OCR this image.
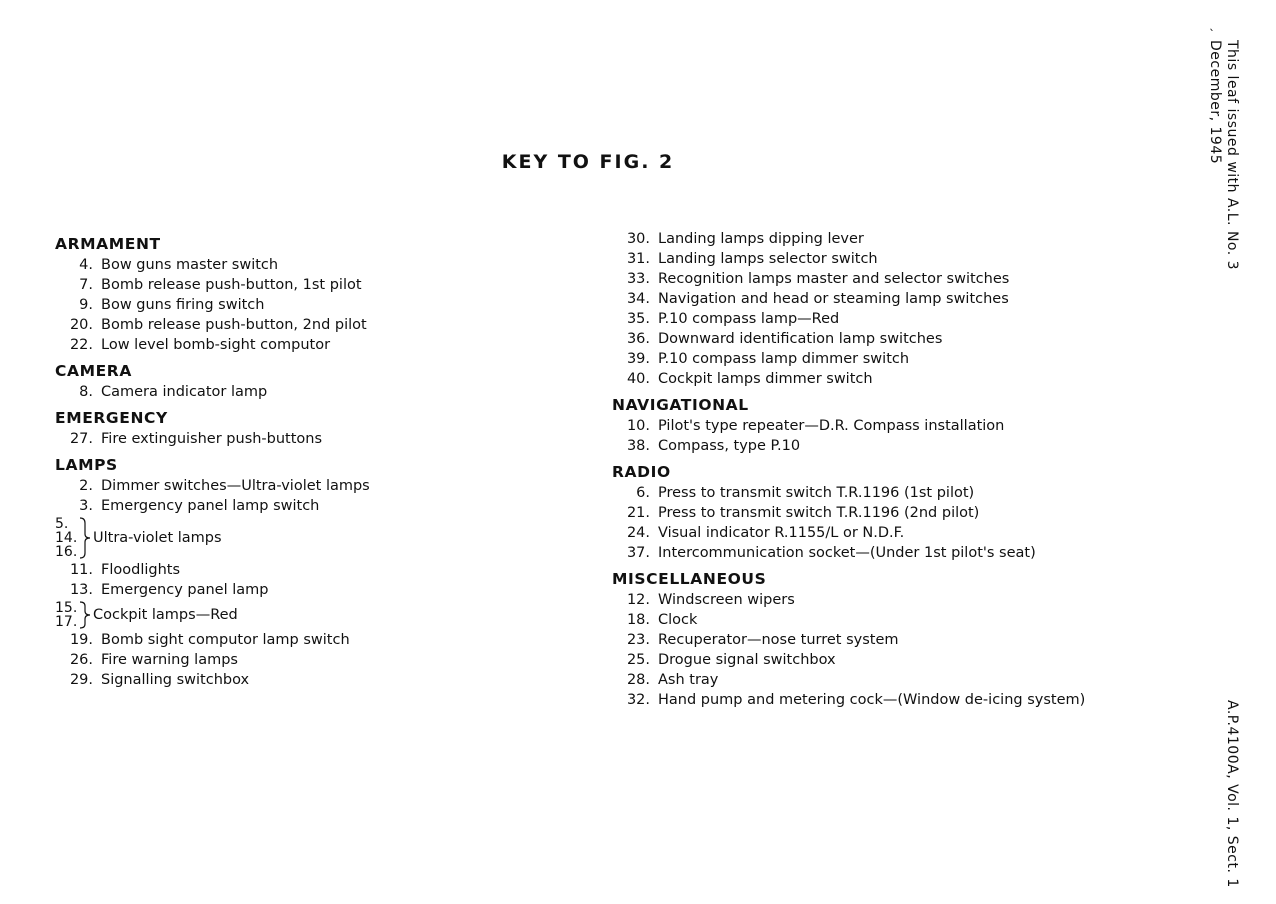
ˎ
This leaf issued with A.L. No. 3
December, 1945
A.P.4100A, Vol. 1, Sect. 1
KEY TO FIG. 2
ARMAMENT
4. Bow guns master switch
7. Bomb release push-button, 1st pilot
9. Bow guns firing switch
20. Bomb release push-button, 2nd pilot
22. Low level bomb-sight computor
CAMERA
8. Camera indicator lamp
EMERGENCY
27. Fire extinguisher push-buttons
LAMPS
2. Dimmer switches—Ultra-violet lamps
3. Emergency panel lamp switch
5.
14.
16.
Ultra-violet lamps
11. Floodlights
13. Emergency panel lamp
15.
17. Cockpit lamps—Red
19. Bomb sight computor lamp switch
26. Fire warning lamps
29. Signalling switchbox
30. Landing lamps dipping lever
31. Landing lamps selector switch
33. Recognition lamps master and selector switches
34. Navigation and head or steaming lamp switches
35. P.10 compass lamp—Red
36. Downward identification lamp switches
39. P.10 compass lamp dimmer switch
40. Cockpit lamps dimmer switch
NAVIGATIONAL
10. Pilot's type repeater—D.R. Compass installation
38. Compass, type P.10
RADIO
6. Press to transmit switch T.R.1196 (1st pilot)
21. Press to transmit switch T.R.1196 (2nd pilot)
24. Visual indicator R.1155/L or N.D.F.
37. Intercommunication socket—(Under 1st pilot's seat)
MISCELLANEOUS
12. Windscreen wipers
18. Clock
23. Recuperator—nose turret system
25. Drogue signal switchbox
28. Ash tray
32. Hand pump and metering cock—(Window de-icing system)
